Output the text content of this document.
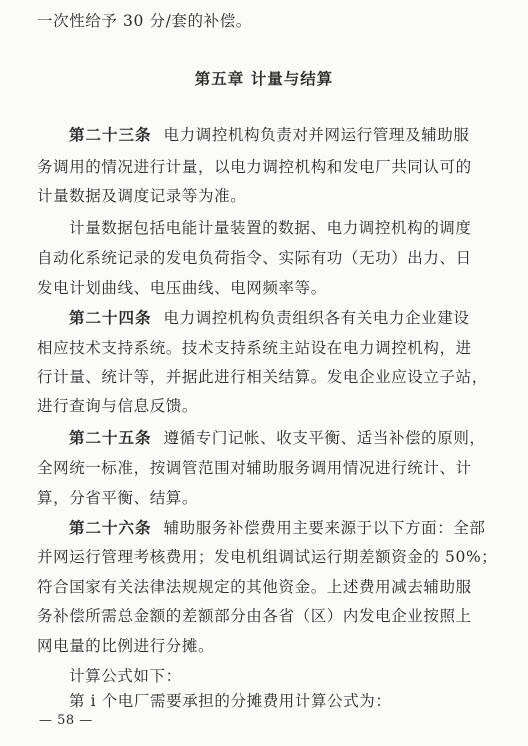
一次性给予 30 分/套的补偿。
第五章 计量与结算
第二十三条 电力调控机构负责对并网运行管理及辅助服
务调用的情况进行计量，以电力调控机构和发电厂共同认可的
计量数据及调度记录等为准。
计量数据包括电能计量装置的数据、电力调控机构的调度
自动化系统记录的发电负荷指令、实际有功（无功）出力、日
发电计划曲线、电压曲线、电网频率等。
第二十四条 电力调控机构负责组织各有关电力企业建设
相应技术支持系统。技术支持系统主站设在电力调控机构，进
行计量、统计等，并据此进行相关结算。发电企业应设立子站，
进行查询与信息反馈。
第二十五条 遵循专门记帐、收支平衡、适当补偿的原则，
全网统一标准，按调管范围对辅助服务调用情况进行统计、计
算，分省平衡、结算。
第二十六条 辅助服务补偿费用主要来源于以下方面：全部
并网运行管理考核费用；发电机组调试运行期差额资金的 50%；
符合国家有关法律法规规定的其他资金。上述费用减去辅助服
务补偿所需总金额的差额部分由各省（区）内发电企业按照上
网电量的比例进行分摊。
计算公式如下：
第 i 个电厂需要承担的分摊费用计算公式为：
— 58 —
